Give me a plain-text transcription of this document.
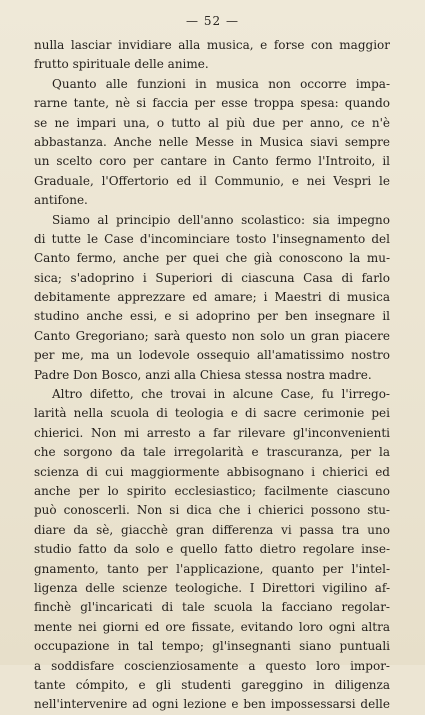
— 52 —
nulla lasciar invidiare alla musica, e forse con maggior
frutto spirituale delle anime.
Quanto alle funzioni in musica non occorre impa-
rarne tante, nè si faccia per esse troppa spesa: quando
se ne impari una, o tutto al più due per anno, ce n'è
abbastanza. Anche nelle Messe in Musica siavi sempre
un scelto coro per cantare in Canto fermo l'Introito, il
Graduale, l'Offertorio ed il Communio, e nei Vespri le
antifone.
Siamo al principio dell'anno scolastico: sia impegno
di tutte le Case d'incominciare tosto l'insegnamento del
Canto fermo, anche per quei che già conoscono la mu-
sica; s'adoprino i Superiori di ciascuna Casa di farlo
debitamente apprezzare ed amare; i Maestri di musica
studino anche essi, e si adoprino per ben insegnare il
Canto Gregoriano; sarà questo non solo un gran piacere
per me, ma un lodevole ossequio all'amatissimo nostro
Padre Don Bosco, anzi alla Chiesa stessa nostra madre.
Altro difetto, che trovai in alcune Case, fu l'irrego-
larità nella scuola di teologia e di sacre cerimonie pei
chierici. Non mi arresto a far rilevare gl'inconvenienti
che sorgono da tale irregolarità e trascuranza, per la
scienza di cui maggiormente abbisognano i chierici ed
anche per lo spirito ecclesiastico; facilmente ciascuno
può conoscerli. Non si dica che i chierici possono stu-
diare da sè, giacchè gran differenza vi passa tra uno
studio fatto da solo e quello fatto dietro regolare inse-
gnamento, tanto per l'applicazione, quanto per l'intel-
ligenza delle scienze teologiche. I Direttori vigilino af-
finchè gl'incaricati di tale scuola la facciano regolar-
mente nei giorni ed ore fissate, evitando loro ogni altra
occupazione in tal tempo; gl'insegnanti siano puntuali
a soddisfare coscienziosamente a questo loro impor-
tante cómpito, e gli studenti gareggino in diligenza
nell'intervenire ad ogni lezione e ben impossessarsi delle
